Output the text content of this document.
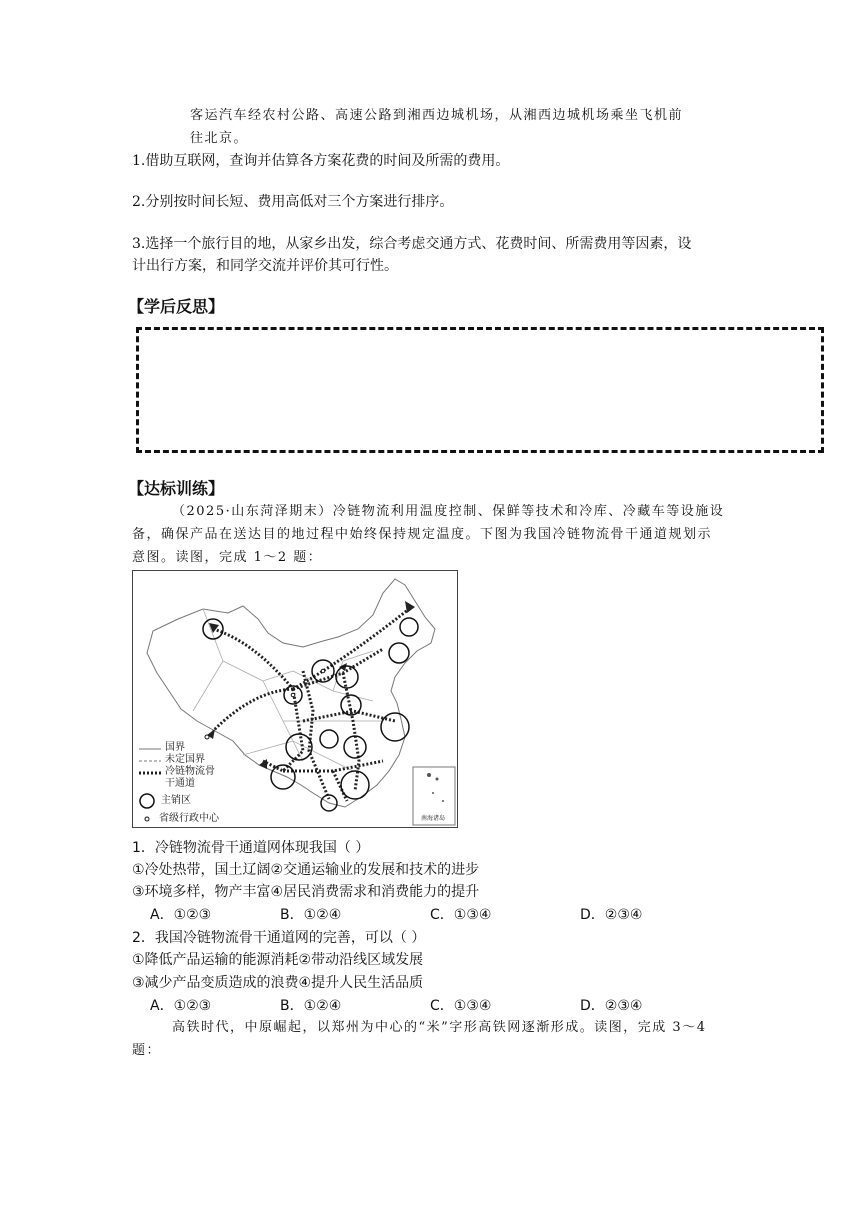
客运汽车经农村公路、高速公路到湘西边城机场，从湘西边城机场乘坐飞机前
往北京。
1.借助互联网，查询并估算各方案花费的时间及所需的费用。
2.分别按时间长短、费用高低对三个方案进行排序。
3.选择一个旅行目的地，从家乡出发，综合考虑交通方式、花费时间、所需费用等因素，设
计出行方案，和同学交流并评价其可行性。
【学后反思】
【达标训练】
（2025·山东菏泽期末）冷链物流利用温度控制、保鲜等技术和冷库、冷藏车等设施设
备，确保产品在送达目的地过程中始终保持规定温度。下图为我国冷链物流骨干通道规划示
意图。读图，完成 1～2 题：
国界
未定国界
冷链物流骨
干通道
主销区
省级行政中心	南海诸岛
1．冷链物流骨干通道网体现我国（ ）
①冷处热带，国土辽阔②交通运输业的发展和技术的进步
③环境多样，物产丰富④居民消费需求和消费能力的提升
A．①②③	B．①②④	C．①③④	D．②③④
2．我国冷链物流骨干通道网的完善，可以（ ）
①降低产品运输的能源消耗②带动沿线区域发展
③减少产品变质造成的浪费④提升人民生活品质
A．①②③	B．①②④	C．①③④	D．②③④
高铁时代，中原崛起，以郑州为中心的“米”字形高铁网逐渐形成。读图，完成 3～4
题：
